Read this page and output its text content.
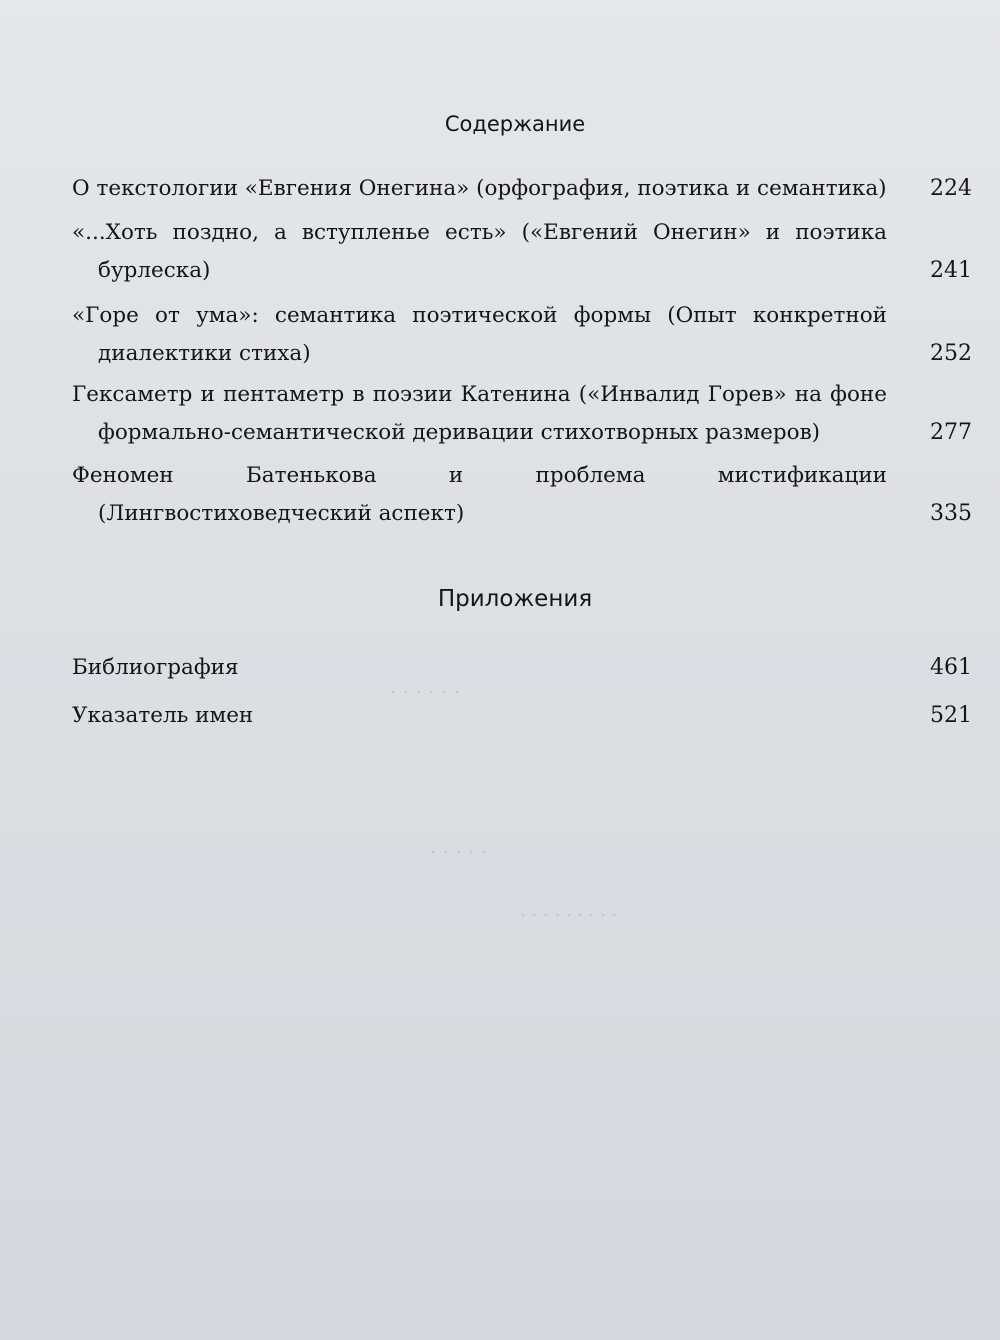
· · · · · ·
· · · · ·
· · · · · · · · ·
Содержание
О текстологии «Евгения Онегина» (орфография, поэтика и семантика) 224
«...Хоть поздно, а вступленье есть» («Евгений Онегин» и поэтика бурлеска)	241
«Горе от ума»: семантика поэтической формы (Опыт конкретной диалектики стиха)	252
Гексаметр и пентаметр в поэзии Катенина («Инвалид Горев» на фоне формально-семантической деривации стихотворных размеров)	277
Феномен Батенькова и проблема мистификации (Лингвостиховедческий аспект)	335
Приложения
Библиография	461
Указатель имен	521
